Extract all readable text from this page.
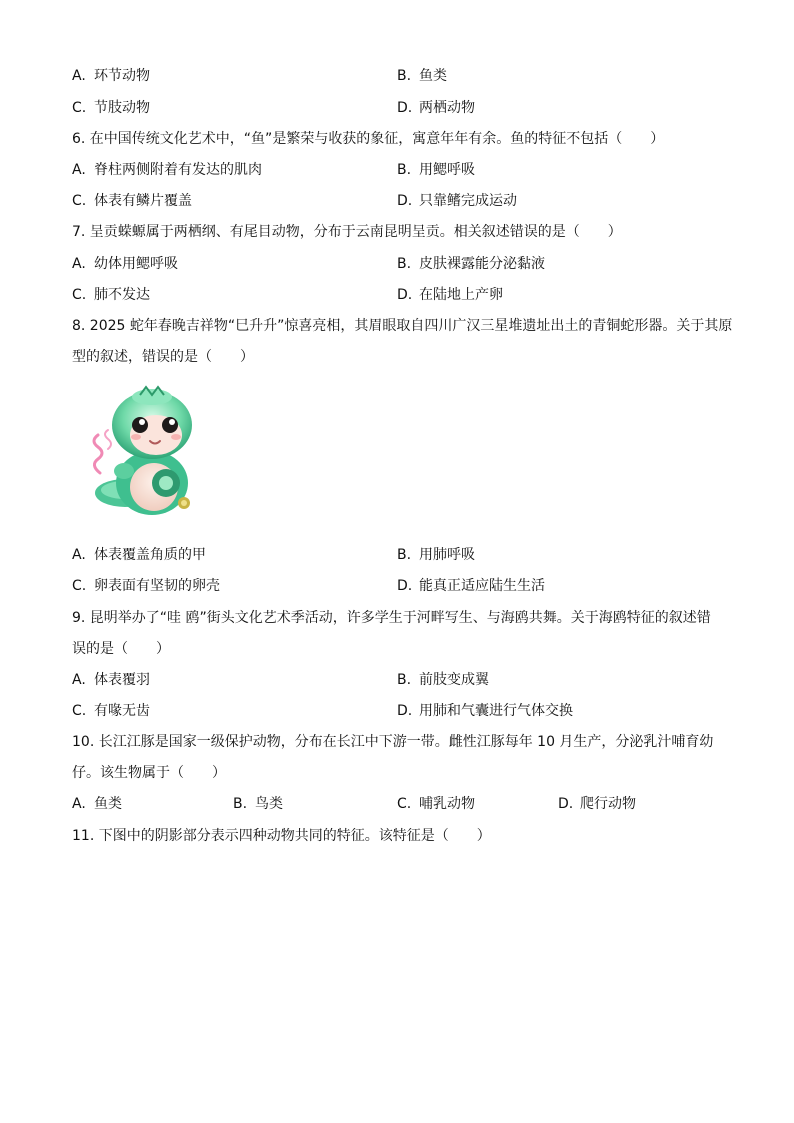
A. 环节动物	B. 鱼类
C. 节肢动物	D. 两栖动物
6. 在中国传统文化艺术中，“鱼”是繁荣与收获的象征，寓意年年有余。鱼的特征不包括（　　）
A. 脊柱两侧附着有发达的肌肉	B. 用鳃呼吸
C. 体表有鳞片覆盖	D. 只靠鳍完成运动
7. 呈贡蝾螈属于两栖纲、有尾目动物，分布于云南昆明呈贡。相关叙述错误的是（　　）
A. 幼体用鳃呼吸	B. 皮肤裸露能分泌黏液
C. 肺不发达	D. 在陆地上产卵
8. 2025 蛇年春晚吉祥物“巳升升”惊喜亮相，其眉眼取自四川广汉三星堆遗址出土的青铜蛇形器。关于其原
型的叙述，错误的是（　　）
A. 体表覆盖角质的甲	B. 用肺呼吸
C. 卵表面有坚韧的卵壳	D. 能真正适应陆生生活
9. 昆明举办了“哇 鸥”街头文化艺术季活动，许多学生于河畔写生、与海鸥共舞。关于海鸥特征的叙述错
误的是（　　）
A. 体表覆羽	B. 前肢变成翼
C. 有喙无齿	D. 用肺和气囊进行气体交换
10. 长江江豚是国家一级保护动物，分布在长江中下游一带。雌性江豚每年 10 月生产，分泌乳汁哺育幼
仔。该生物属于（　　）
A. 鱼类	B. 鸟类	C. 哺乳动物	D. 爬行动物
11. 下图中的阴影部分表示四种动物共同的特征。该特征是（　　）
